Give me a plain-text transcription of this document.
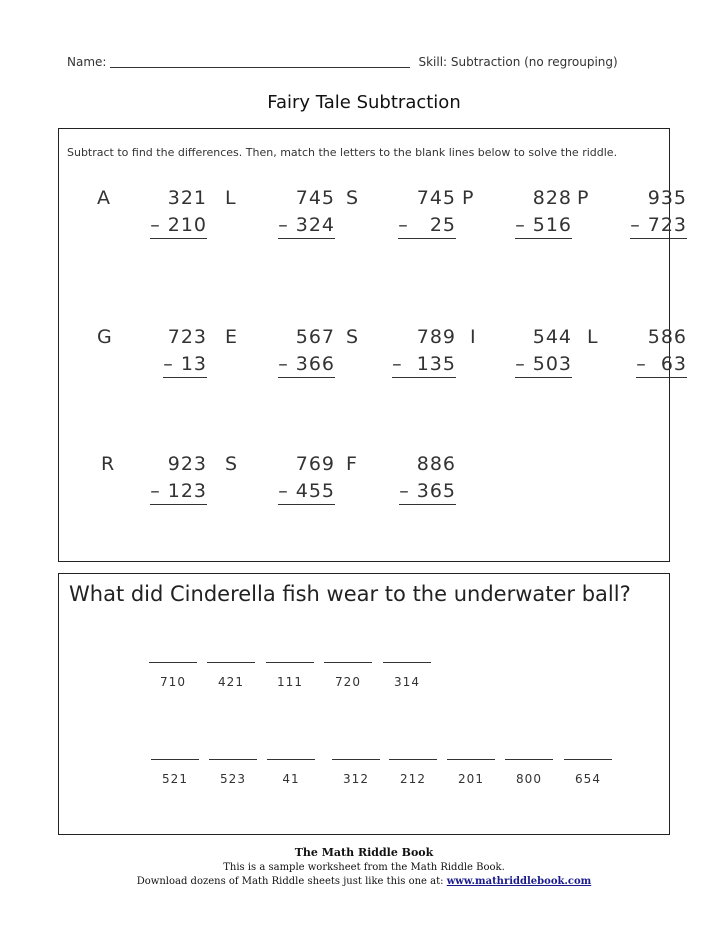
Name:	Skill: Subtraction (no regrouping)
Fairy Tale Subtraction
Subtract to find the differences. Then, match the letters to the blank lines below to solve the riddle.
A	321
– 210
L	745
– 324
S	745
–   25
P	828
– 516
P	935
– 723
G	723
– 13
E	567
– 366
S	789
–  135
I	544
– 503
L	586
–  63
R	923
– 123
S	769
– 455
F	886
– 365
What did Cinderella fish wear to the underwater ball?
710	421	111	720	314
521	523	41	312	212	201	800	654
The Math Riddle Book
This is a sample worksheet from the Math Riddle Book.
Download dozens of Math Riddle sheets just like this one at: www.mathriddlebook.com
